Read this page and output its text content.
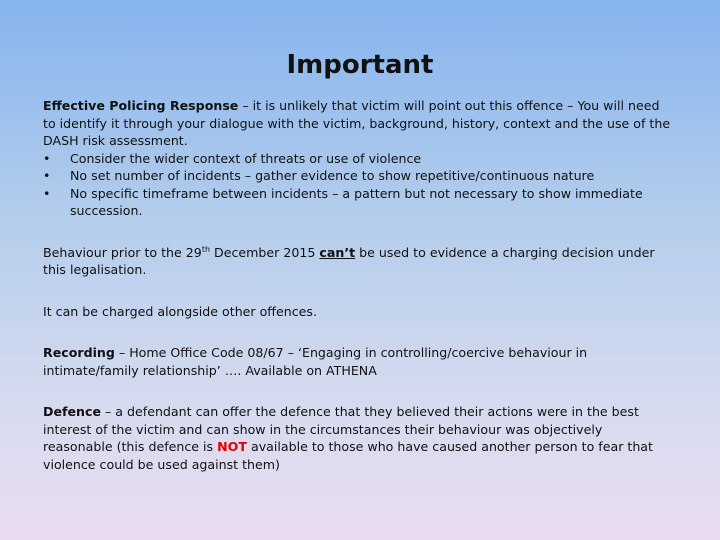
Important

Effective Policing Response – it is unlikely that victim will point out this offence – You will need to identify it through your dialogue with the victim, background, history, context and the use of the DASH risk assessment.

• Consider the wider context of threats or use of violence
• No set number of incidents – gather evidence to show repetitive/continuous nature
• No specific timeframe between incidents – a pattern but not necessary to show immediate succession.

Behaviour prior to the 29th December 2015 can’t be used to evidence a charging decision under this legalisation.

It can be charged alongside other offences.

Recording – Home Office Code 08/67 – ‘Engaging in controlling/coercive behaviour in intimate/family relationship’ …. Available on ATHENA

Defence – a defendant can offer the defence that they believed their actions were in the best interest of the victim and can show in the circumstances their behaviour was objectively reasonable (this defence is NOT available to those who have caused another person to fear that violence could be used against them)
